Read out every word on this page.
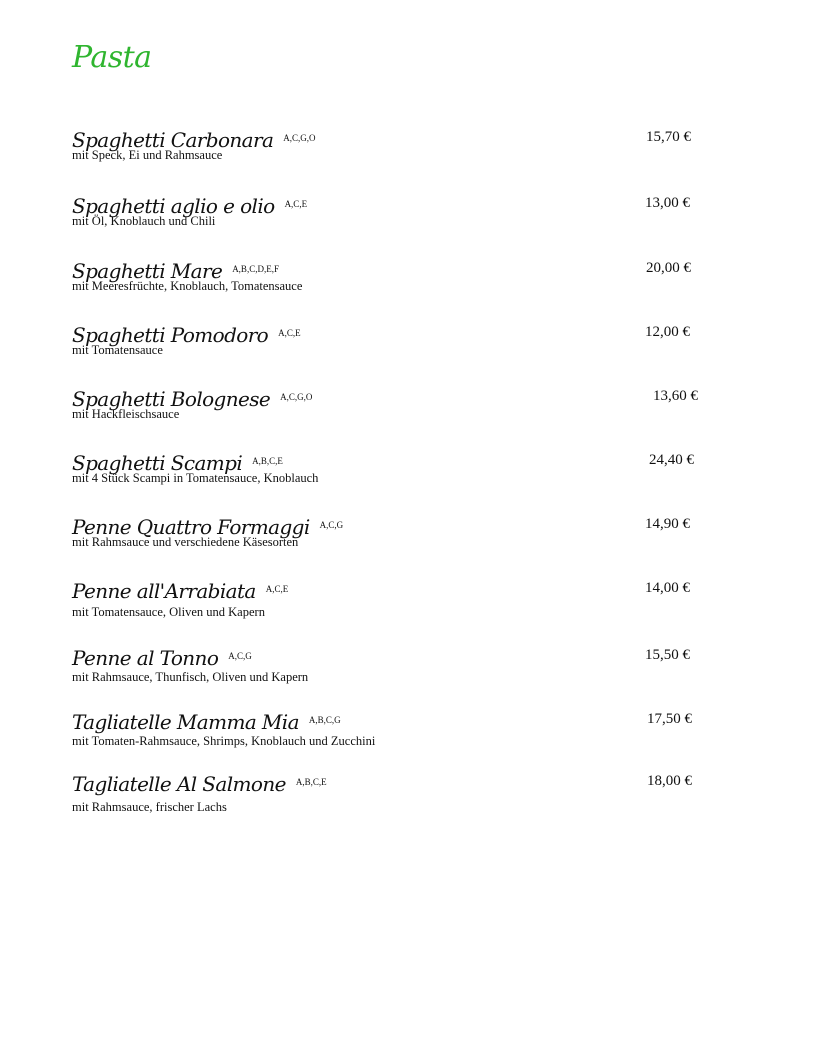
Pasta
Spaghetti Carbonara $^{A,C,G,O}$
mit Speck, Ei und Rahmsauce
15,70 €
Spaghetti aglio e olio $^{A,C,E}$
mit Öl, Knoblauch und Chili
13,00 €
Spaghetti Mare $^{A,B,C,D,E,F}$
mit Meeresfrüchte, Knoblauch, Tomatensauce
20,00 €
Spaghetti Pomodoro $^{A,C,E}$
mit Tomatensauce
12,00 €
Spaghetti Bolognese $^{A,C,G,O}$
mit Hackfleischsauce
13,60 €
Spaghetti Scampi $^{A,B,C,E}$
mit 4 Stück Scampi in Tomatensauce, Knoblauch
24,40 €
Penne Quattro Formaggi $^{A,C,G}$
mit Rahmsauce und verschiedene Käsesorten
14,90 €
Penne all'Arrabiata $^{A,C,E}$
mit Tomatensauce, Oliven und Kapern
14,00 €
Penne al Tonno $^{A,C,G}$
mit Rahmsauce, Thunfisch, Oliven und Kapern
15,50 €
Tagliatelle Mamma Mia $^{A,B,C,G}$
mit Tomaten-Rahmsauce, Shrimps, Knoblauch und Zucchini
17,50 €
Tagliatelle Al Salmone $^{A,B,C,E}$
mit Rahmsauce, frischer Lachs
18,00 €
